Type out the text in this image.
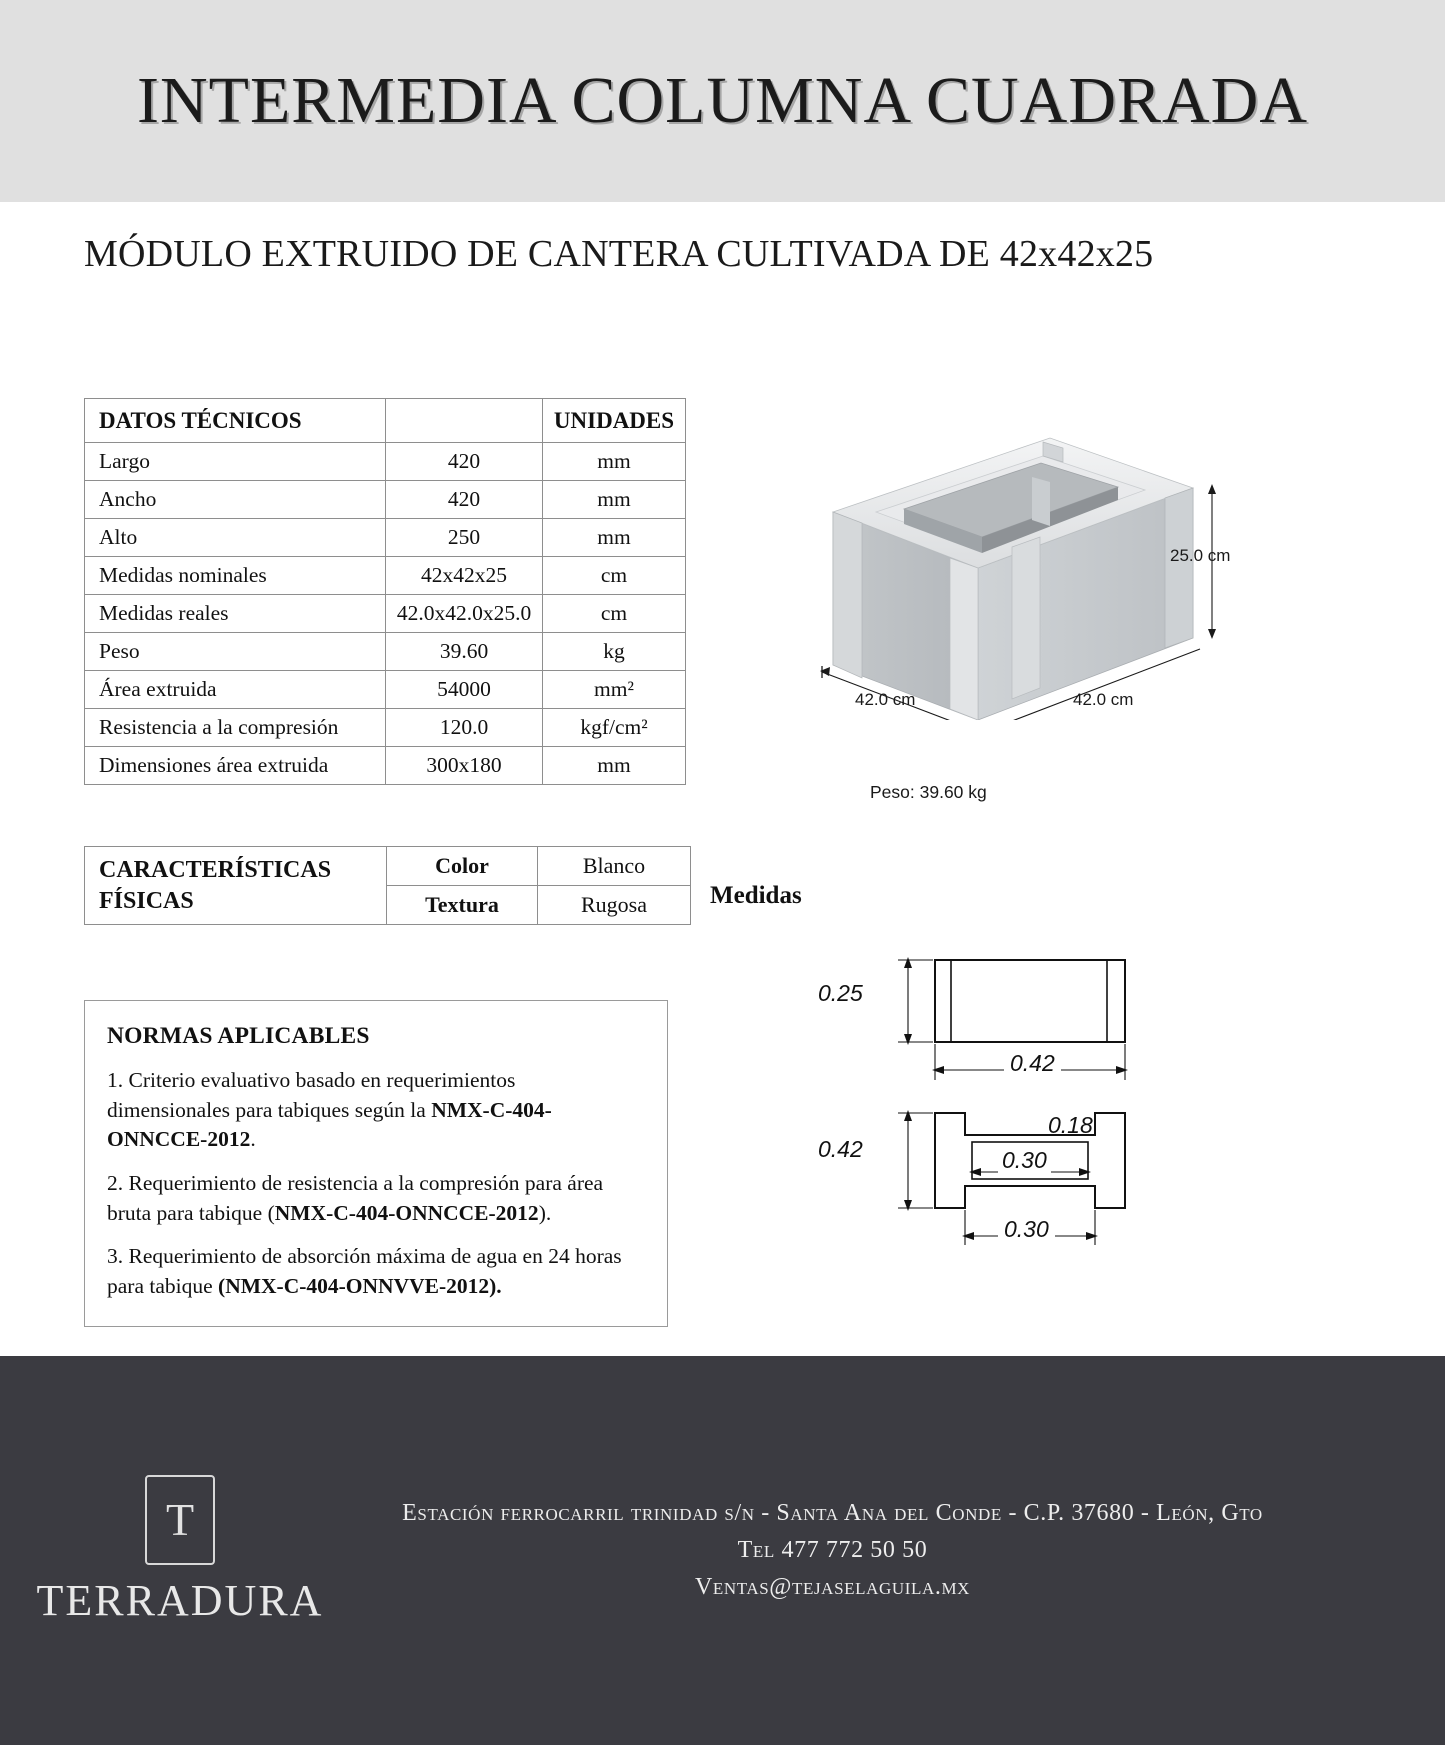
INTERMEDIA COLUMNA CUADRADA
MÓDULO EXTRUIDO DE CANTERA CULTIVADA DE 42x42x25
DATOS TÉCNICOS		UNIDADES
Largo	420	mm
Ancho	420	mm
Alto	250	mm
Medidas nominales	42x42x25	cm
Medidas reales	42.0x42.0x25.0	cm
Peso	39.60	kg
Área extruida	54000	mm²
Resistencia a la compresión	120.0	kgf/cm²
Dimensiones área extruida	300x180	mm
CARACTERÍSTICAS FÍSICAS	Color	Blanco
	Textura	Rugosa
NORMAS APLICABLES
1. Criterio evaluativo basado en requerimientos dimensionales para tabiques según la NMX-C-404-ONNCCE-2012.
2. Requerimiento de resistencia a la compresión para área bruta para tabique (NMX-C-404-ONNCCE-2012).
3. Requerimiento de absorción máxima de agua en 24 horas para tabique (NMX-C-404-ONNVVE-2012).
25.0 cm
42.0 cm	42.0 cm
Peso: 39.60 kg
Medidas
0.25
0.42
0.42
0.18
0.30
0.30
T
TERRADURA
Estación ferrocarril trinidad s/n - Santa Ana del Conde - C.P. 37680 - León, Gto
Tel 477 772 50 50
Ventas@tejaselaguila.mx
